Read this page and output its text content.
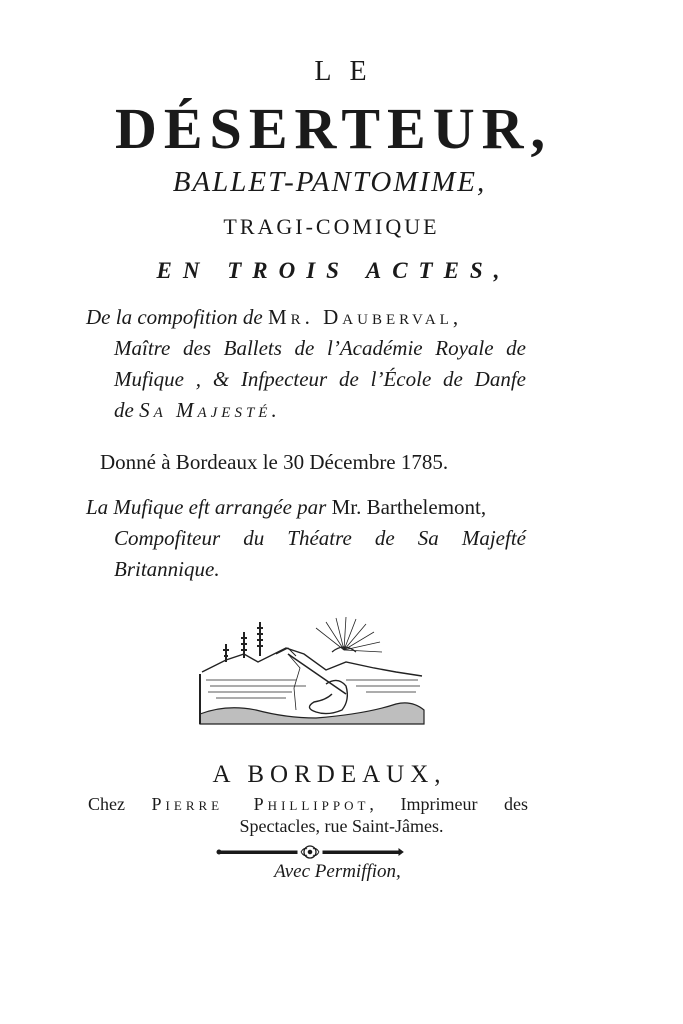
LE
DÉSERTEUR,
BALLET-PANTOMIME,
TRAGI-COMIQUE
EN TROIS ACTES,
De la compofition de Mr. Dauberval,
Maître des Ballets de l’Académie Royale de
Mufique , & Infpecteur de l’École de Danfe
de Sa Majesté.
Donné à Bordeaux le 30 Décembre 1785.
La Mufique eft arrangée par Mr. Barthelemont,
Compofiteur du Théatre de Sa Majefté
Britannique.
A BORDEAUX,
Chez Pierre Phillippot, Imprimeur des
Spectacles, rue Saint-Jâmes.
Avec Permiffion,
